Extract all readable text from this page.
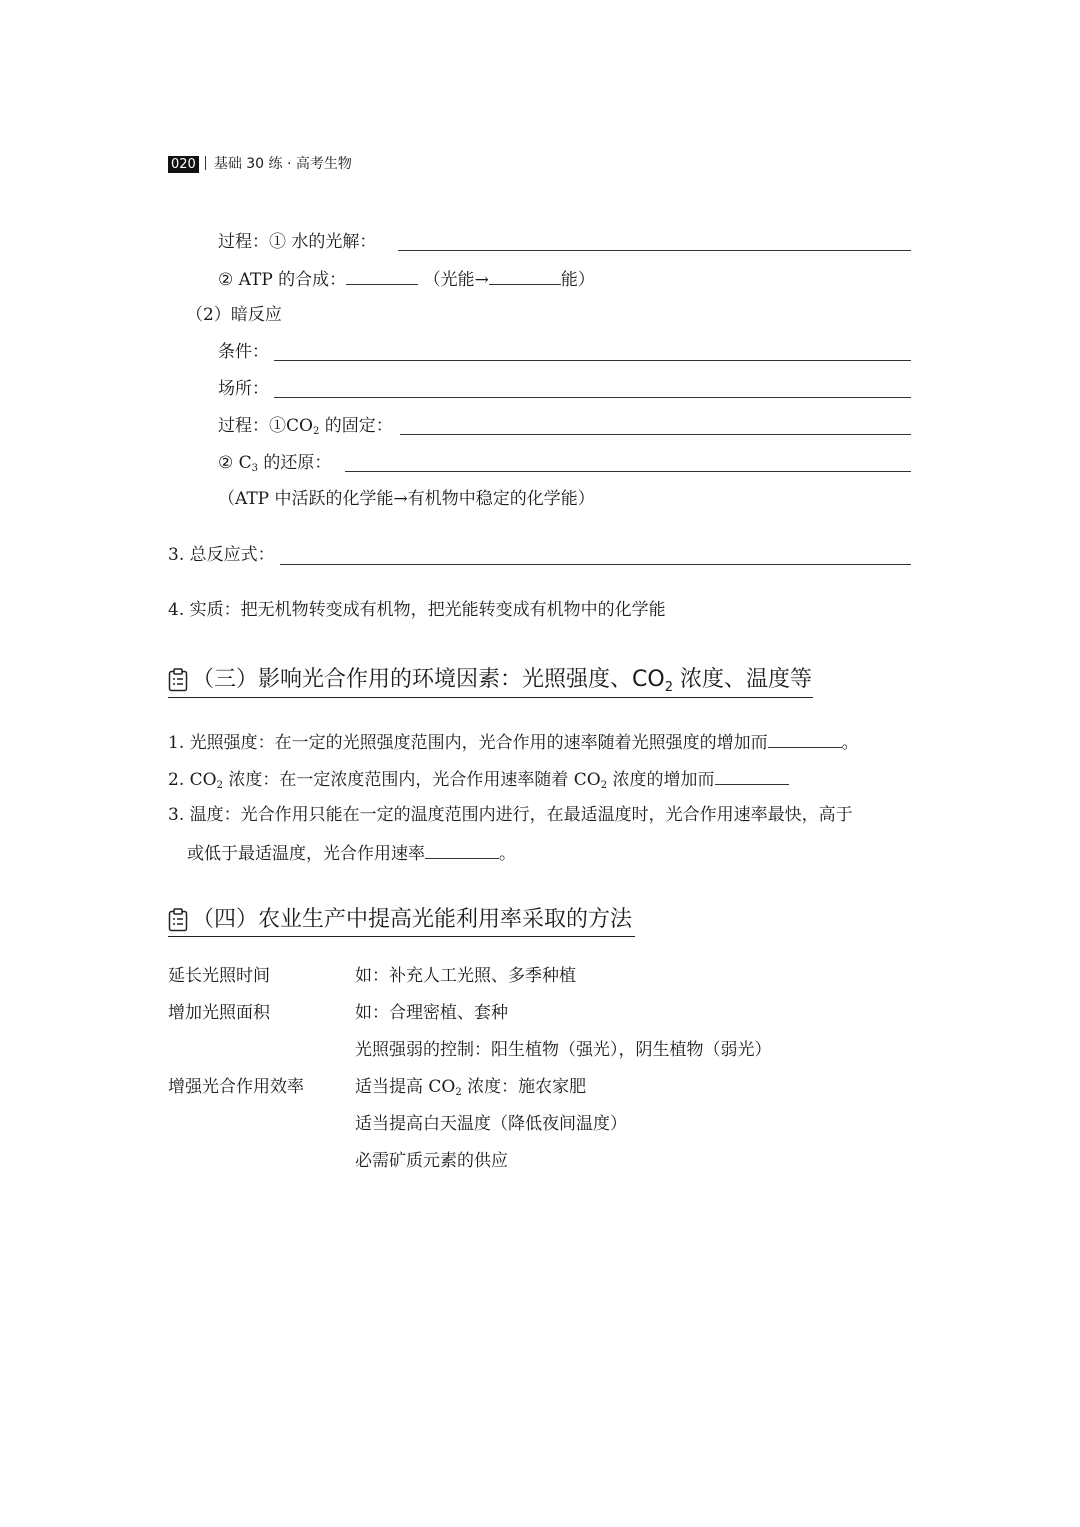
020 基础 30 练 · 高考生物
过程：① 水的光解：
② ATP 的合成：	（光能→	能）
（2）暗反应
条件：
场所：
过程：$①CO_2$ 的固定：
② $C_3$ 的还原：
（ATP 中活跃的化学能→有机物中稳定的化学能）
3. 总反应式：
4. 实质：把无机物转变成有机物，把光能转变成有机物中的化学能
（三）影响光合作用的环境因素：光照强度、$CO_2$ 浓度、温度等
1. 光照强度：在一定的光照强度范围内，光合作用的速率随着光照强度的增加而	。
2. $CO_2$ 浓度：在一定浓度范围内，光合作用速率随着 $CO_2$ 浓度的增加而
3. 温度：光合作用只能在一定的温度范围内进行，在最适温度时，光合作用速率最快，高于
或低于最适温度，光合作用速率	。
（四）农业生产中提高光能利用率采取的方法
延长光照时间	如：补充人工光照、多季种植
增加光照面积	如：合理密植、套种
光照强弱的控制：阳生植物（强光），阴生植物（弱光）
增强光合作用效率	适当提高 $CO_2$ 浓度：施农家肥
适当提高白天温度（降低夜间温度）
必需矿质元素的供应
